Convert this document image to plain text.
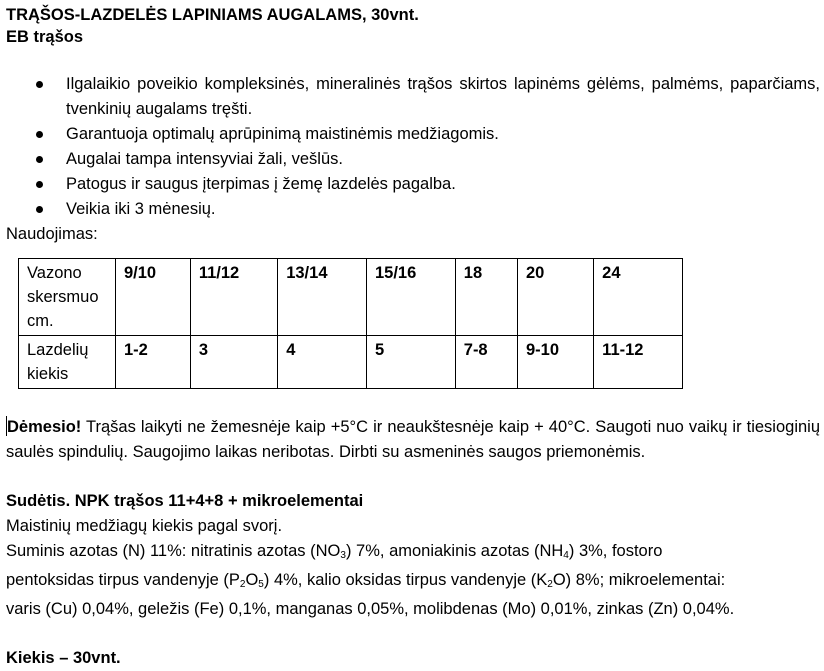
TRĄŠOS-LAZDELĖS LAPINIAMS AUGALAMS, 30vnt.
EB trąšos
Ilgalaikio poveikio kompleksinės, mineralinės trąšos skirtos lapinėms gėlėms, palmėms, paparčiams, tvenkinių augalams tręšti.
Garantuoja optimalų aprūpinimą maistinėmis medžiagomis.
Augalai tampa intensyviai žali, vešlūs.
Patogus ir saugus įterpimas į žemę lazdelės pagalba.
Veikia iki 3 mėnesių.
Naudojimas:
Vazono skersmuo cm.	9/10	11/12	13/14	15/16	18	20	24
Lazdelių kiekis	1-2	3	4	5	7-8	9-10	11-12
Dėmesio! Trąšas laikyti ne žemesnėje kaip +5°C ir neaukštesnėje kaip + 40°C. Saugoti nuo vaikų ir tiesioginių saulės spindulių. Saugojimo laikas neribotas. Dirbti su asmeninės saugos priemonėmis.
Sudėtis. NPK trąšos 11+4+8 + mikroelementai
Maistinių medžiagų kiekis pagal svorį.
Suminis azotas (N) 11%: nitratinis azotas $(NO_3)$ 7%, amoniakinis azotas $(NH_4)$ 3%, fostoro
pentoksidas tirpus vandenyje $(P_2O_5)$ 4%, kalio oksidas tirpus vandenyje $(K_2O)$ 8%; mikroelementai:
varis (Cu) 0,04%, geležis (Fe) 0,1%, manganas 0,05%, molibdenas (Mo) 0,01%, zinkas (Zn) 0,04%.
Kiekis – 30vnt.
